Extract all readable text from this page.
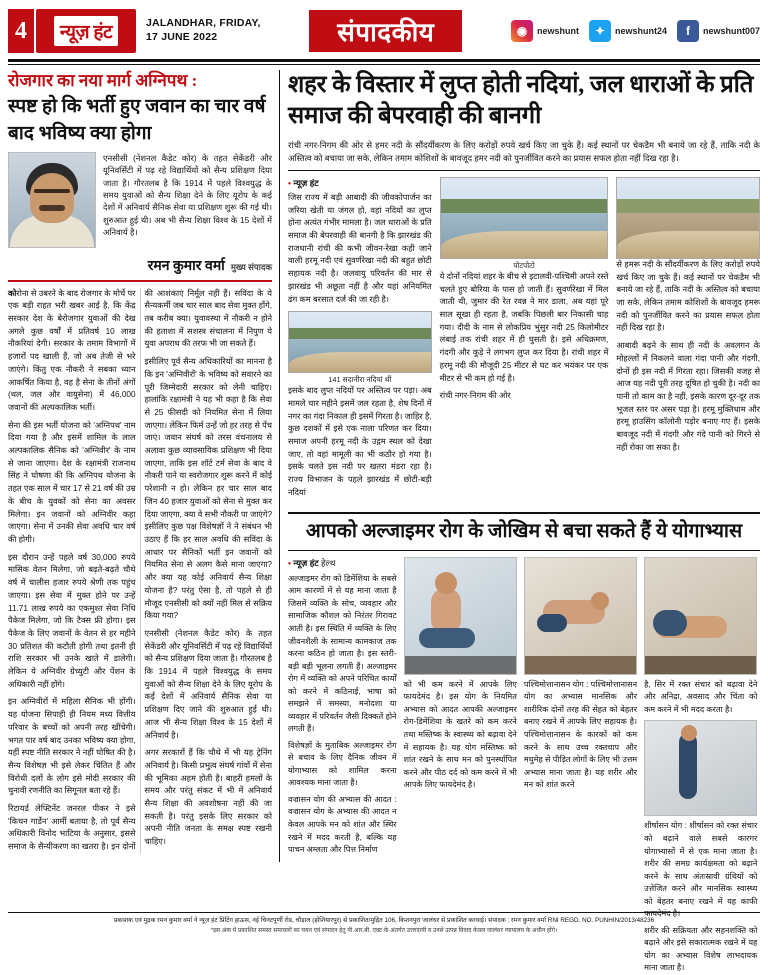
4	न्यूज़ हंट	JALANDHAR, FRIDAY,
17 JUNE 2022	संपादकीय	◉	newshunt	✦	newshunt24	f	newshunt007
रोजगार का नया मार्ग अग्निपथ :
स्पष्ट हो कि भर्ती हुए जवान का चार वर्ष बाद भविष्य क्या होगा
एनसीसी (नेशनल कैडेट कोर) के तहत सेकेंडरी और यूनिवर्सिटी में पढ़ रहे विद्यार्थियों को सैन्य प्रशिक्षण दिया जाता है। गौरतलब है कि 1914 में पहले विश्वयुद्ध के समय युवाओं को सैन्य शिक्षा देने के लिए यूरोप के कई देशों में अनिवार्य सैनिक सेवा या प्रशिक्षण शुरू की गई थी। शुरुआत हुई थी। अब भी सैन्य शिक्षा विश्व के 15 देशों में अनिवार्य है।
रमन कुमार वर्मा मुख्य संपादक

कोरोना से उबरने के बाद रोजगार के मोर्चे पर एक बड़ी राहत भरी खबर आई है, कि केंद्र सरकार देश के बेरोजगार युवाओं की देख अगले कुछ वर्षों में प्रतिवर्ष 10 लाख नौकरियां देगी। सरकार के तमाम विभागों में हजारों पद खाली हैं, जो अब तेजी से भरे जाएंगे। किंतु एक नौकरी ने सबका ध्यान आकर्षित किया है, वह है सेना के तीनों अंगों (थल, जल और वायुसेना) में 46,000 जवानों की अल्पकालिक भर्ती।

सेना की इस भर्ती योजना को 'अग्निपथ' नाम दिया गया है और इसमें शामिल के लाल अल्पकालिक सैनिक को 'अग्निवीर' के नाम से जाना जाएगा। देश के रक्षामंत्री राजनाथ सिंह ने घोषणा की कि अग्निपथ योजना के तहत एक साल में चार 17 से 21 वर्ष की उम्र के बीच के युवकों को सेना का अवसर मिलेगा। इन जवानों को अग्निवीर कहा जाएगा। सेना में उनकी सेवा अवधि चार वर्ष की होगी।

इस दौरान उन्हें पहले वर्ष 30,000 रुपये मासिक वेतन मिलेगा, जो बढ़ते-बढ़ते चौथे वर्ष में चालीस हजार रुपये श्रेणी तक पहुंच जाएगा। इस सेवा में मुक्त होने पर उन्हें 11.71 लाख रुपये का एकमुश्त सेवा निधि पैकेज मिलेगा, जो कि टैक्स फ्री होगा। इस पैकेज के लिए जवानों के वेतन से हर महीने 30 प्रतिशत की कटौती होगी तथा इतनी ही राशि सरकार भी उनके खाते में डालेगी। लेकिन ये अग्निवीर ग्रेच्युटी और पेंशन के अधिकारी नहीं होंगे।

इन अग्निवीरों में महिला सैनिक भी होंगी। यह योजना सिपाही ही नियम मध्य वित्तीय परिवार के बच्चों को अपनी तरह खींचेगी। भगत पार वर्ष बाद उनका भविष्य क्या होगा, यहीं स्पष्ट नीति सरकार ने नहीं घोषित की है। सैन्य विशेषज्ञ भी इसे लेकर चिंतित हैं और विरोधी दलों के लोग इसे मोदी सरकार की चुनावी रणनीति का सिगूनल बता रहे हैं।

रिटायर्ड लेफ्टिनेंट जनरल पीकर ने इसे 'किचन गार्डेन' आर्मी बताया है, तो पूर्व सैन्य अधिकारी विनोद भाटिया के अनुसार, इससे समाज के सैन्यीकरण का खतरा है। इन दोनों की आशंकाएं निर्मूल नहीं हैं। सविंदा के ये सैन्यकर्मी जब चार साल बाद सेवा मुक्त होंगे, तब करीब क्या। युवावस्था में नौकरी न होने की हताशा में सशस्त्र संचालना में निपुण ये युवा अपराध की तरफ भी जा सकते हैं।

इसीलिए पूर्व सैन्य अधिकारियों का मानना है कि इन 'अग्निवीरों' के भविष्य को सवारने का पूरी जिम्मेदारी सरकार को लेनी चाहिए। हालांकि रक्षामंत्री ने यह भी कहा है कि सेवा से 25 फीसदी को नियमित सेना में लिया जाएगा। लेकिन फिर्म उन्हें जो हर तरह से पेंच जाएं। जवान संघर्ष को तरस वंचनालय से अलावा कुछ व्यावसायिक प्रशिक्षण भी दिया जाएगा, ताकि इस शॉर्ट टर्म सेवा के बाद वे नौकरी पाने या स्वरोजगार शुरू करने में कोई परेशानी न हो। लेकिन हर चार साल बाद जिन 40 हजार युवाओं को सेना से मुक्त कर दिया जाएगा, क्या वे सभी नौकरी पा जाएंगे? इसीलिए कुछ पक्ष विशेषज्ञों ने ने संबंधन भी उठाए हैं कि हर साल अवधि की सविंदा के आधार पर सैनिकों भर्ती इन जवानों को नियमित सेना से अलग कैसे माना जाएगा? और क्या यह कोई अनिवार्य सैन्य शिक्षा योजना है? परंतु ऐसा है, तो पहले से ही मौजूद एनसीसी को क्यों नहीं मिल से सक्रिय किया गया?

एनसीसी (नेशनल कैडेट कोर) के तहत सेकेंडरी और यूनिवर्सिटी में पढ़ रहे विद्यार्थियों को सैन्य प्रशिक्षण दिया जाता है। गौरतलब है कि 1914 में पहले विश्वयुद्ध के समय युवाओं को सैन्य शिक्षा देने के लिए यूरोप के कई देशों में अनिवार्य सैनिक सेवा या प्रशिक्षण दिए जाने की शुरुआत हुई थी। आज भी सैन्य शिक्षा विश्व के 15 देशों में अनिवार्य है।

अगर सरकारों हैं कि चौथे में भी यह ट्रेनिंग अनिवार्य है। किसी प्रभुत्व संघर्ष गांवों में सेना की भूमिका अहम होती है। बाहरी हमलों के समय और परंतु संकट में भी में अनिवार्य सैन्य शिक्षा की अवशोषना नहीं की जा सकती है। परंतु इसके लिए सरकार को अपनी नीति जनता के समक्ष स्पष्ट रखनी चाहिए।

शहर के विस्तार में लुप्त होती नदियां, जल धाराओं के प्रति समाज की बेपरवाही की बानगी
रांची नगर-निगम की ओर से हमर नदी के सौंदर्यीकरण के लिए करोड़ों रुपये खर्च किए जा चुके हैं। कई स्थानों पर चेकडैम भी बनाये जा रहे हैं, ताकि नदी के अस्तित्व को बचाया जा सके, लेकिन तमाम कोशिशों के बावजूद हमर नदी को पुनर्जीवित करने का प्रयास सफल होता नहीं दिख रहा है।
• न्यूज़ हंट

जिस राज्य में बड़ी आबादी की जीवकोपार्जन का जरिया खेती या जंगल हो, वहां नदियों का लुप्त होना अत्यंत गंभीर मामला है। जल धाराओं के प्रति समाज की बेपरवाही की बानगी है कि झारखंड की राजधानी रांची की कभी जीवन-रेखा कही जाने वाली हरमू नदी एवं सुवर्णरेखा नदी की बहुत छोटी सहायक नदी है। जलवायु परिवर्तन की मार से झारखंड भी अछूता नहीं है और यहां अनियमित ढंग कम बरसात दर्ज की जा रही है।

141 सदानीरा नदियां थीं

इसके बाद लुप्त नदियों पर अस्तित्व पर पड़ा। अब मामले चार महीने इसमें जल रहता है, शेष दिनों में नगर का गंदा निकाल ही इसमें गिरता है। जाहिर है, कुछ दशकों में इसे एक नाला परिणत कर दिया। समाज अपनी हरमू नदी के उद्गम स्थल को देखा जाए, तो वहां मामूली का भी कठौर हो गया है। इसके चलते इस नदी पर खतरा मंडरा रहा है। राज्य विभाजन के पहले झारखंड में छोटी-बड़ी नदियां

पोटपोटो

ये दोनों नदियां शहर के बीच से इटालवी-पश्चिमी अपने रस्ते चलते हुए बोरिया के पास हो जाती हैं। सुवर्णरेखा में मिल जाती थी, जुमार की रेत रवन्न ने मार डाला, अब यहां पूरे साल सूखा ही रहता है, जबकि पिछली बार निकासी चाह गया। दीदी के नाम से लोकप्रिय भुंसुर नदी 25 किलोमीटर लंबाई तक रांची शहर में ही घुसती है। इसे अधिक्रमण, गंदगी और कूड़े ने लगभग लुप्त कर दिया है। रांची शहर में हरमू नदी की मौजूदी 25 मीटर से घट कर भयंकर पर एक मीटर से भी कम हो गई है।

रांची नगर-निगम की ओर

से हमरू नदी के सौंदर्यीकरण के लिए करोड़ों रुपये खर्च किए जा चुके हैं। कई स्थानों पर चेकडैम भी बनाये जा रहे हैं, ताकि नदी के अस्तित्व को बचाया जा सके, लेकिन तमाम कोशिशों के बावजूद हमरू नदी को पुनर्जीवित करने का प्रयास सफल होता नहीं दिख रहा है।

आबादी बढ़ने के साथ ही नदी के अवलगन के मोहल्लों में निकलने वाला गंदा पानी और गंदगी, दोनों ही इस नदी में गिरता रहा। जिसकी वजह से आज यह नदी पूरी तरह दूषित हो चुकी है। नदी का पानी तो काम का है नहीं, इसके कारण दूर-दूर तक भूजल स्तर पर असर पड़ा है। हरमू मुक्तिधाम और हरमू हाउसिंग कॉलोनी पड़ोर बनाए गए हैं। इसके बावजूद नदी में गंदगी और गंदे पानी को गिरने से नहीं रोका जा सका है।

आपको अल्जाइमर रोग के जोखिम से बचा सकते हैं ये योगाभ्यास
• न्यूज़ हंट हेल्थ

अल्जाइमर रोग को डिमेंशिया के सबसे आम कारणों में से यह माना जाता है जिसमें व्यक्ति के सोच, व्यवहार और सामाजिक कौशल को निरंतर गिरावट आती है। इस स्थिति में व्यक्ति के लिए जीवनशैली के सामान्य कामकाज तक करना कठिन हो जाता है। इस स्तरी-बड़ी बड़ी भूलना लगती हैं। अल्जाइमर रोग में व्यक्ति को अपने परिचित कार्यों को करने में कठिनाई, भाषा को समझने में समस्या, मनोदशा या व्यवहार में परिवर्तन जैसी दिक्कतें होने लगती हैं।

विशेषज्ञों के मुताबिक अल्जाइमर रोग से बचाव के लिए दैनिक जीवन में योगाभ्यास को शामिल करना आवश्यक माना जाता है।

वज्रासन योग की अभ्यास की आदत : वज्रासन योग के अभ्यास की आदत न केवल आपके मन को शांत और स्थिर रखने में मदद करती है, बल्कि यह पाचन अम्लता और पित्त निर्माण

को भी कम करने में आपके लिए फायदेमंद है। इस योग के नियमित अभ्यास को आदत आपकी अल्जाइमर रोग-डिमेंशिया के खतरे को कम करने तथा मस्तिष्क के स्वास्थ्य को बढ़ावा देने में सहायक है। यह योग मस्तिष्क को शांत रखने के साथ मन को पुनर्स्थापित करने और पीठ दर्द को कम करने में भी आपके लिए फायदेमंद है।

पश्चिमोत्तानासन योग : पश्चिमोत्तानासन योग का अभ्यास मानसिक और शारीरिक दोनों तरह की सेहत को बेहतर बनाए रखने में आपके लिए सहायक है। पश्चिमोत्तानासन के कारकों को कम करने के साथ उच्च रक्तचाप और मधुमेह से पीड़ित लोगों के लिए भी उत्तम अभ्यास माना जाता है। यह शरीर और मन को शांत करने

है, सिर में रक्त संचार को बढ़ावा देने और अनिद्रा, अवसाद और चिंता को कम करने में भी मदद करता है।

शीर्षासन योग : शीर्षासन को रक्त संचार को बढ़ाने वाले सबसे कारगर योगाभ्यासों में से एक माना जाता है। शरीर की समग्र कार्यक्षमता को बढ़ाने करने के साथ अंतःस्रावी ग्रंथियों को उत्तेजित करने और मानसिक स्वास्थ्य को बेहतर बनाए रखने में यह काफी फायदेमंद है।

शरीर की सक्रियता और सहनशक्ति को बढ़ाने और इसे सकारात्मक रखने में यह योग का अभ्यास विशेष लाभदायक माना जाता है।

प्रकाशक एवं मुद्रक रमन कुमार वर्मा ने न्यूज़ हंट प्रिंटिंग हाऊस, नई चिनटपूर्णी रोड, चौड़ाल (होशियारपुर) से प्रकाशित/मुद्रित 106, किशनपुरा जालंधर से प्रकाशित करवाई। संपादक : रमन कुमार वर्मा RNI REGD. NO. PUNHIN/2013/48236
*इस अंक में प्रकाशित समस्त समाचारों का चयन एवं संपादन हेतु पी.आर.बी. एक्ट के अंतर्गत उत्तरदायी व उनसे उत्पन्न विवाद केवल जालंधर न्यायालय के अधीन होंगे।
